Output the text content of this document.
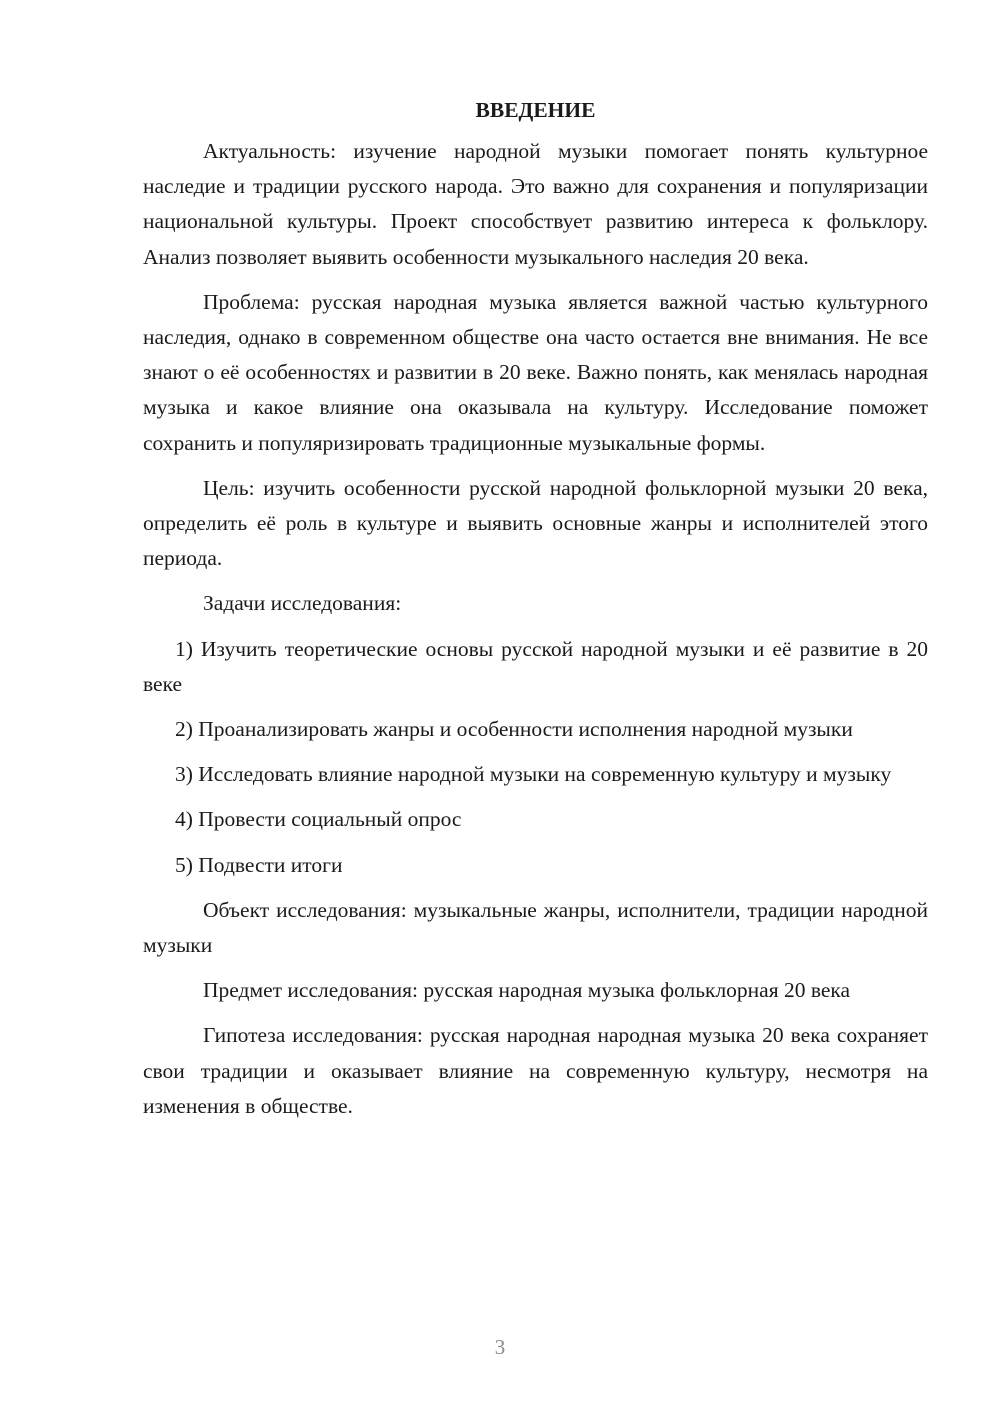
ВВЕДЕНИЕ

Актуальность: изучение народной музыки помогает понять культурное наследие и традиции русского народа. Это важно для сохранения и популяризации национальной культуры. Проект способствует развитию интереса к фольклору. Анализ позволяет выявить особенности музыкального наследия 20 века.

Проблема: русская народная музыка является важной частью культурного наследия, однако в современном обществе она часто остается вне внимания. Не все знают о её особенностях и развитии в 20 веке. Важно понять, как менялась народная музыка и какое влияние она оказывала на культуру. Исследование поможет сохранить и популяризировать традиционные музыкальные формы.

Цель: изучить особенности русской народной фольклорной музыки 20 века, определить её роль в культуре и выявить основные жанры и исполнителей этого периода.

Задачи исследования:

1) Изучить теоретические основы русской народной музыки и её развитие в 20 веке

2) Проанализировать жанры и особенности исполнения народной музыки

3) Исследовать влияние народной музыки на современную культуру и музыку

4) Провести социальный опрос

5) Подвести итоги

Объект исследования: музыкальные жанры, исполнители, традиции народной музыки

Предмет исследования: русская народная музыка фольклорная 20 века

Гипотеза исследования: русская народная народная музыка 20 века сохраняет свои традиции и оказывает влияние на современную культуру, несмотря на изменения в обществе.

3
